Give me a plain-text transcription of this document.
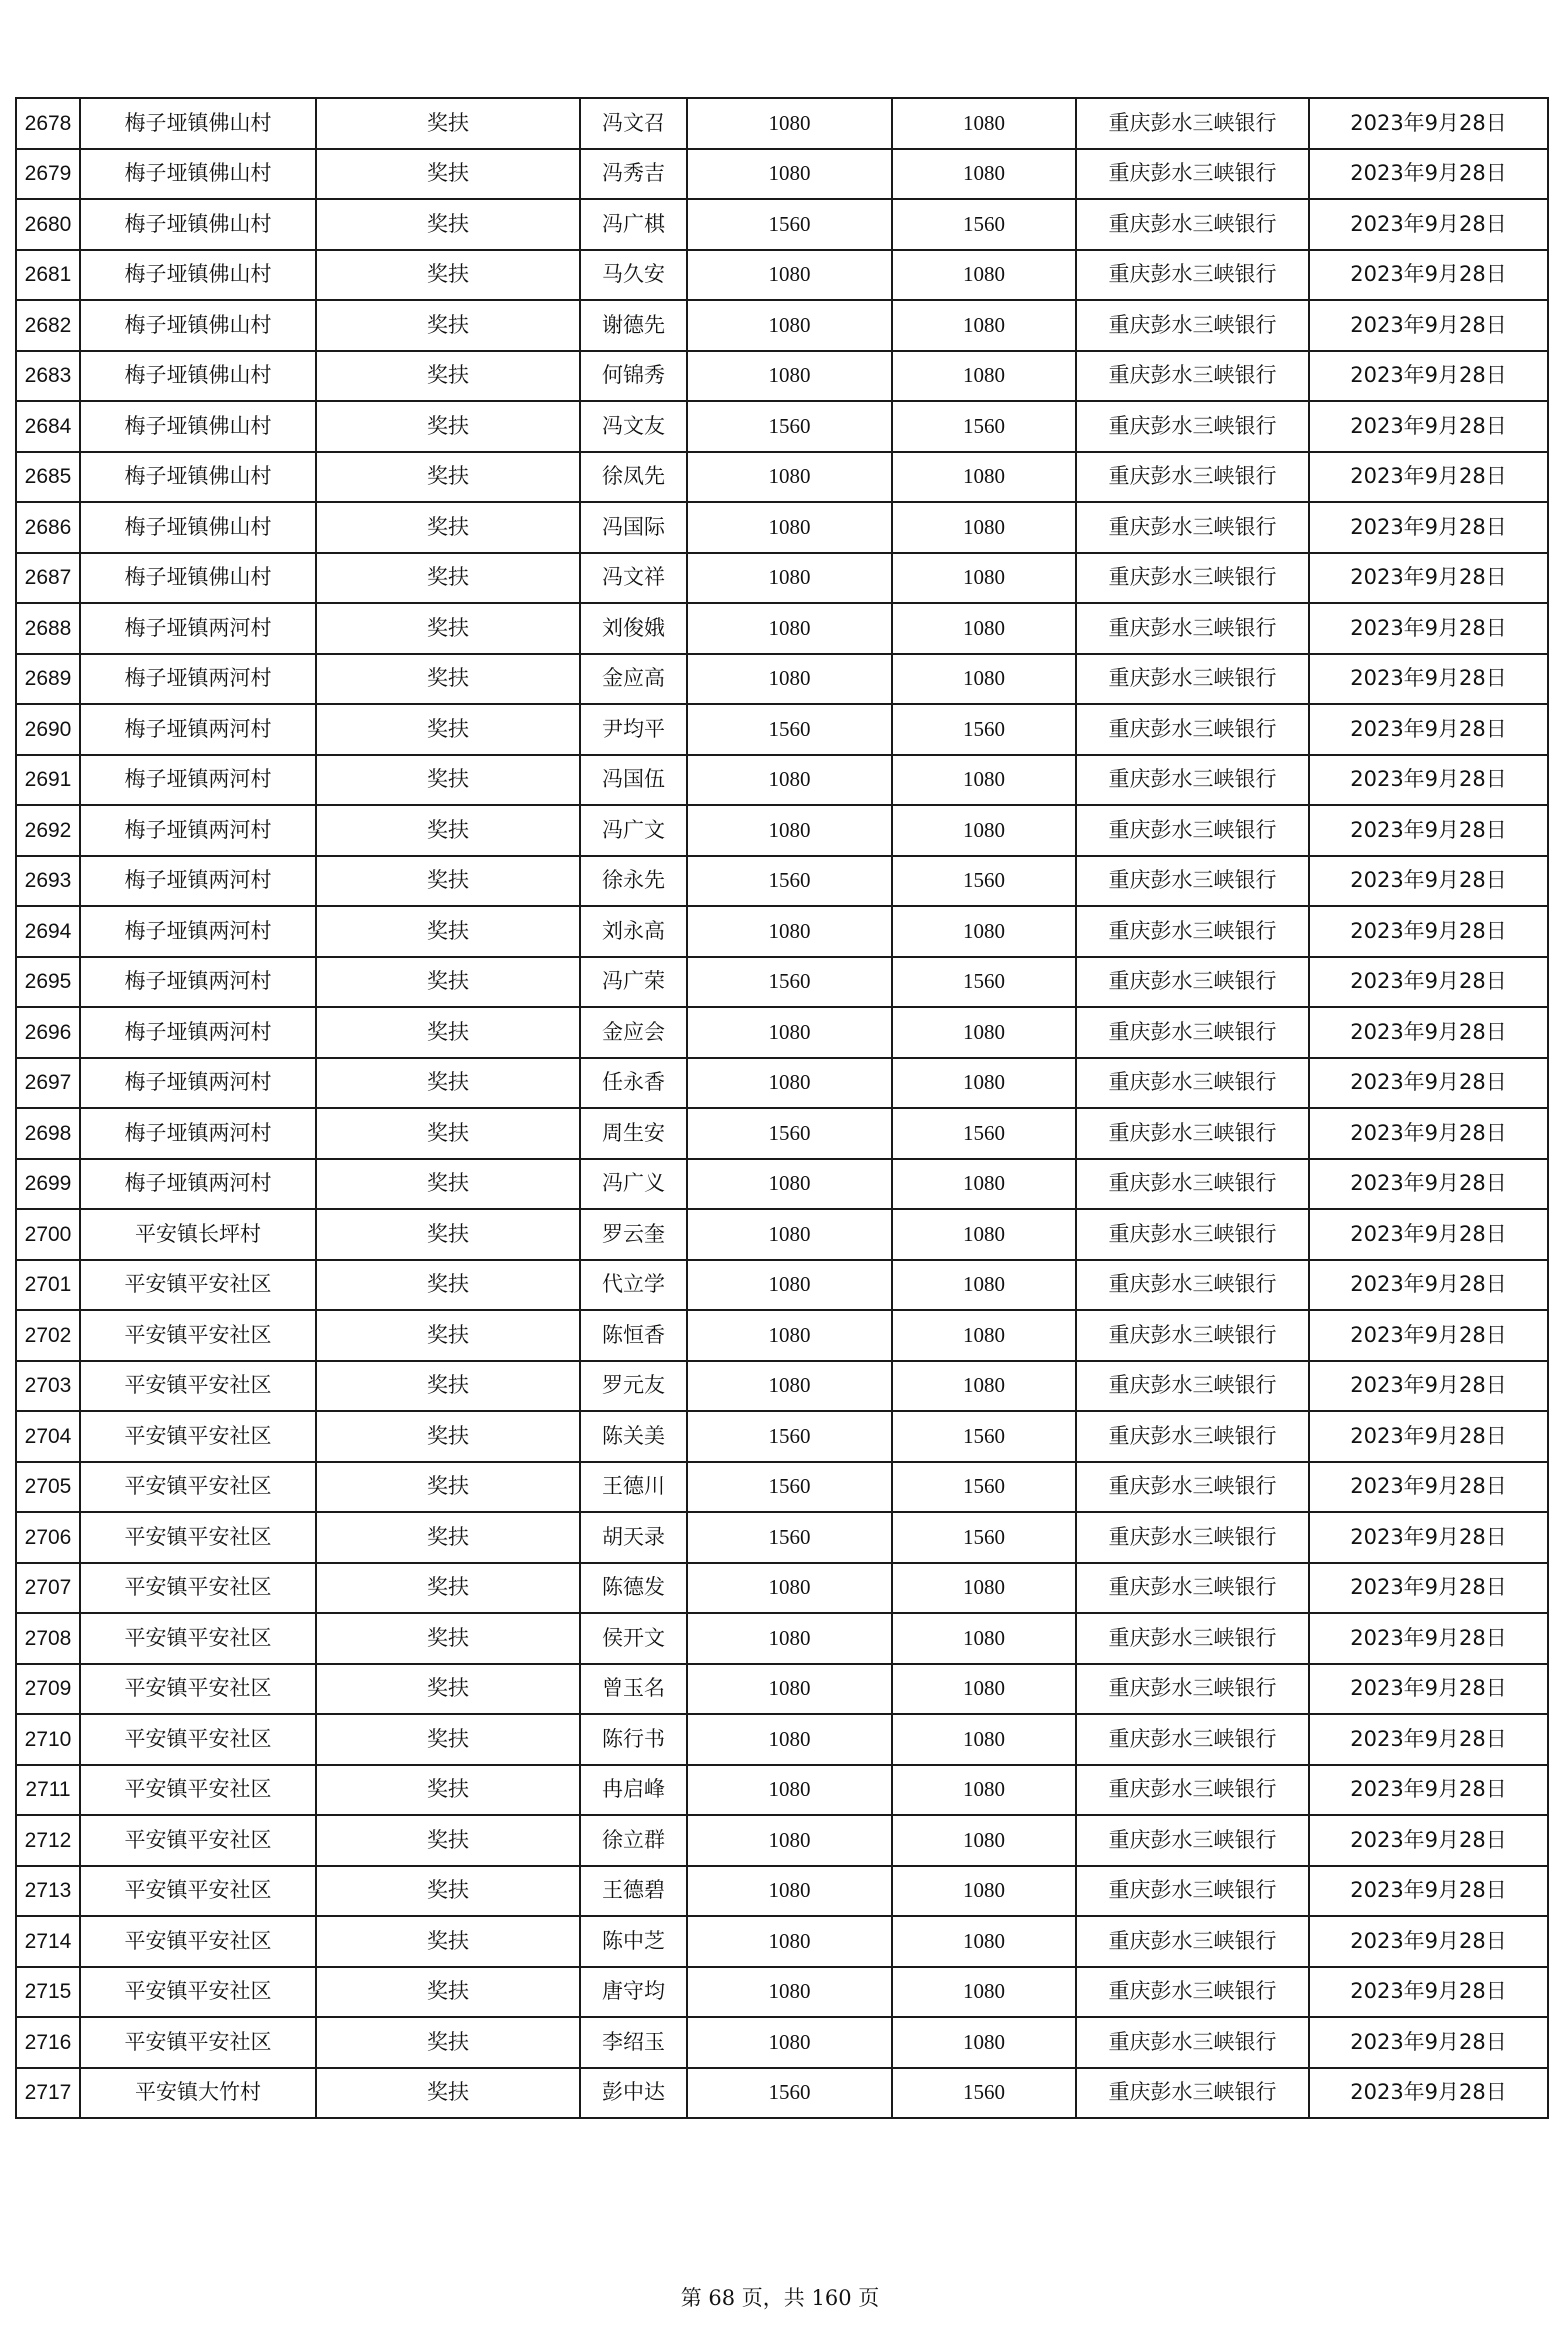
2678	梅子垭镇佛山村	奖扶	冯文召	1080	1080	重庆彭水三峡银行	2023年9月28日
2679	梅子垭镇佛山村	奖扶	冯秀吉	1080	1080	重庆彭水三峡银行	2023年9月28日
2680	梅子垭镇佛山村	奖扶	冯广棋	1560	1560	重庆彭水三峡银行	2023年9月28日
2681	梅子垭镇佛山村	奖扶	马久安	1080	1080	重庆彭水三峡银行	2023年9月28日
2682	梅子垭镇佛山村	奖扶	谢德先	1080	1080	重庆彭水三峡银行	2023年9月28日
2683	梅子垭镇佛山村	奖扶	何锦秀	1080	1080	重庆彭水三峡银行	2023年9月28日
2684	梅子垭镇佛山村	奖扶	冯文友	1560	1560	重庆彭水三峡银行	2023年9月28日
2685	梅子垭镇佛山村	奖扶	徐凤先	1080	1080	重庆彭水三峡银行	2023年9月28日
2686	梅子垭镇佛山村	奖扶	冯国际	1080	1080	重庆彭水三峡银行	2023年9月28日
2687	梅子垭镇佛山村	奖扶	冯文祥	1080	1080	重庆彭水三峡银行	2023年9月28日
2688	梅子垭镇两河村	奖扶	刘俊娥	1080	1080	重庆彭水三峡银行	2023年9月28日
2689	梅子垭镇两河村	奖扶	金应高	1080	1080	重庆彭水三峡银行	2023年9月28日
2690	梅子垭镇两河村	奖扶	尹均平	1560	1560	重庆彭水三峡银行	2023年9月28日
2691	梅子垭镇两河村	奖扶	冯国伍	1080	1080	重庆彭水三峡银行	2023年9月28日
2692	梅子垭镇两河村	奖扶	冯广文	1080	1080	重庆彭水三峡银行	2023年9月28日
2693	梅子垭镇两河村	奖扶	徐永先	1560	1560	重庆彭水三峡银行	2023年9月28日
2694	梅子垭镇两河村	奖扶	刘永高	1080	1080	重庆彭水三峡银行	2023年9月28日
2695	梅子垭镇两河村	奖扶	冯广荣	1560	1560	重庆彭水三峡银行	2023年9月28日
2696	梅子垭镇两河村	奖扶	金应会	1080	1080	重庆彭水三峡银行	2023年9月28日
2697	梅子垭镇两河村	奖扶	任永香	1080	1080	重庆彭水三峡银行	2023年9月28日
2698	梅子垭镇两河村	奖扶	周生安	1560	1560	重庆彭水三峡银行	2023年9月28日
2699	梅子垭镇两河村	奖扶	冯广义	1080	1080	重庆彭水三峡银行	2023年9月28日
2700	平安镇长坪村	奖扶	罗云奎	1080	1080	重庆彭水三峡银行	2023年9月28日
2701	平安镇平安社区	奖扶	代立学	1080	1080	重庆彭水三峡银行	2023年9月28日
2702	平安镇平安社区	奖扶	陈恒香	1080	1080	重庆彭水三峡银行	2023年9月28日
2703	平安镇平安社区	奖扶	罗元友	1080	1080	重庆彭水三峡银行	2023年9月28日
2704	平安镇平安社区	奖扶	陈关美	1560	1560	重庆彭水三峡银行	2023年9月28日
2705	平安镇平安社区	奖扶	王德川	1560	1560	重庆彭水三峡银行	2023年9月28日
2706	平安镇平安社区	奖扶	胡天录	1560	1560	重庆彭水三峡银行	2023年9月28日
2707	平安镇平安社区	奖扶	陈德发	1080	1080	重庆彭水三峡银行	2023年9月28日
2708	平安镇平安社区	奖扶	侯开文	1080	1080	重庆彭水三峡银行	2023年9月28日
2709	平安镇平安社区	奖扶	曾玉名	1080	1080	重庆彭水三峡银行	2023年9月28日
2710	平安镇平安社区	奖扶	陈行书	1080	1080	重庆彭水三峡银行	2023年9月28日
2711	平安镇平安社区	奖扶	冉启峰	1080	1080	重庆彭水三峡银行	2023年9月28日
2712	平安镇平安社区	奖扶	徐立群	1080	1080	重庆彭水三峡银行	2023年9月28日
2713	平安镇平安社区	奖扶	王德碧	1080	1080	重庆彭水三峡银行	2023年9月28日
2714	平安镇平安社区	奖扶	陈中芝	1080	1080	重庆彭水三峡银行	2023年9月28日
2715	平安镇平安社区	奖扶	唐守均	1080	1080	重庆彭水三峡银行	2023年9月28日
2716	平安镇平安社区	奖扶	李绍玉	1080	1080	重庆彭水三峡银行	2023年9月28日
2717	平安镇大竹村	奖扶	彭中达	1560	1560	重庆彭水三峡银行	2023年9月28日
第 68 页，共 160 页
